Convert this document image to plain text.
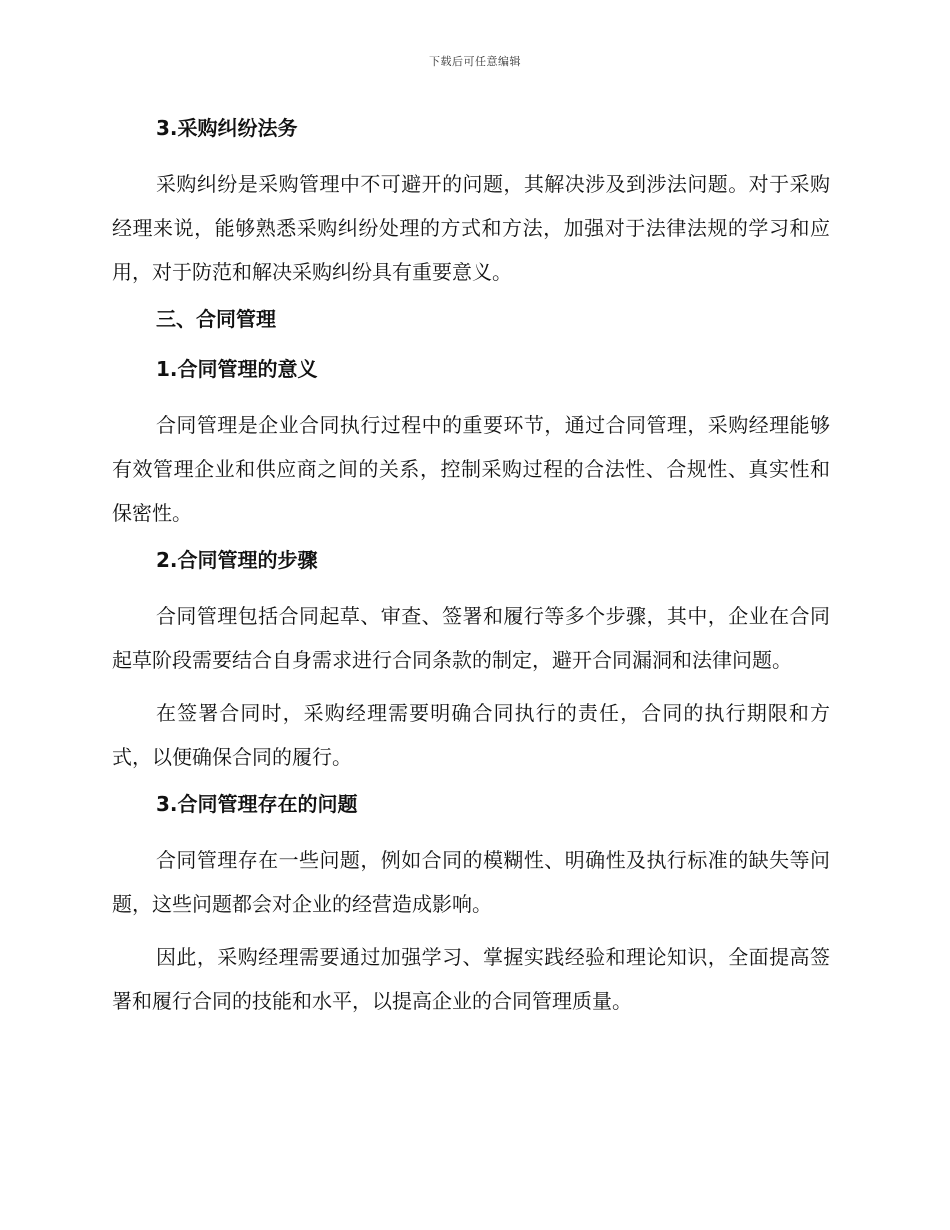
下载后可任意编辑
3.采购纠纷法务

采购纠纷是采购管理中不可避开的问题，其解决涉及到涉法问题。对于采购经理来说，能够熟悉采购纠纷处理的方式和方法，加强对于法律法规的学习和应用，对于防范和解决采购纠纷具有重要意义。

三、合同管理
1.合同管理的意义

合同管理是企业合同执行过程中的重要环节，通过合同管理，采购经理能够有效管理企业和供应商之间的关系，控制采购过程的合法性、合规性、真实性和保密性。

2.合同管理的步骤

合同管理包括合同起草、审查、签署和履行等多个步骤，其中，企业在合同起草阶段需要结合自身需求进行合同条款的制定，避开合同漏洞和法律问题。

在签署合同时，采购经理需要明确合同执行的责任，合同的执行期限和方式，以便确保合同的履行。

3.合同管理存在的问题

合同管理存在一些问题，例如合同的模糊性、明确性及执行标准的缺失等问题，这些问题都会对企业的经营造成影响。

因此，采购经理需要通过加强学习、掌握实践经验和理论知识，全面提高签署和履行合同的技能和水平，以提高企业的合同管理质量。
